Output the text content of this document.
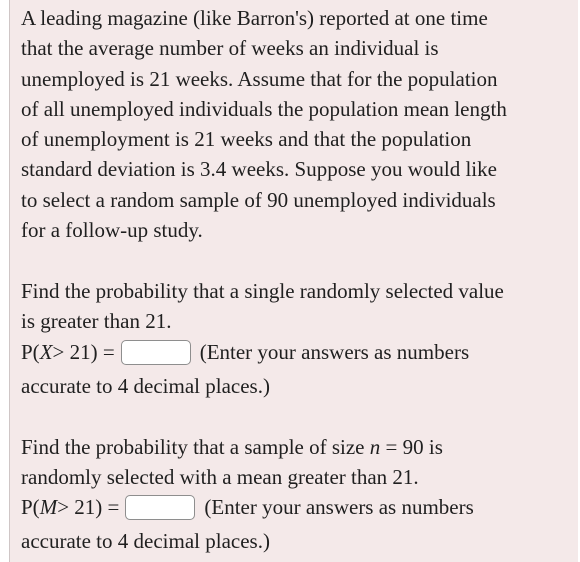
A leading magazine (like Barron's) reported at one time
that the average number of weeks an individual is
unemployed is 21 weeks. Assume that for the population
of all unemployed individuals the population mean length
of unemployment is 21 weeks and that the population
standard deviation is 3.4 weeks. Suppose you would like
to select a random sample of 90 unemployed individuals
for a follow-up study.
Find the probability that a single randomly selected value
is greater than 21.
P( X > 21) =	(Enter your answers as numbers
accurate to 4 decimal places.)
Find the probability that a sample of size n = 90 is
randomly selected with a mean greater than 21.
P( M > 21) =	(Enter your answers as numbers
accurate to 4 decimal places.)
